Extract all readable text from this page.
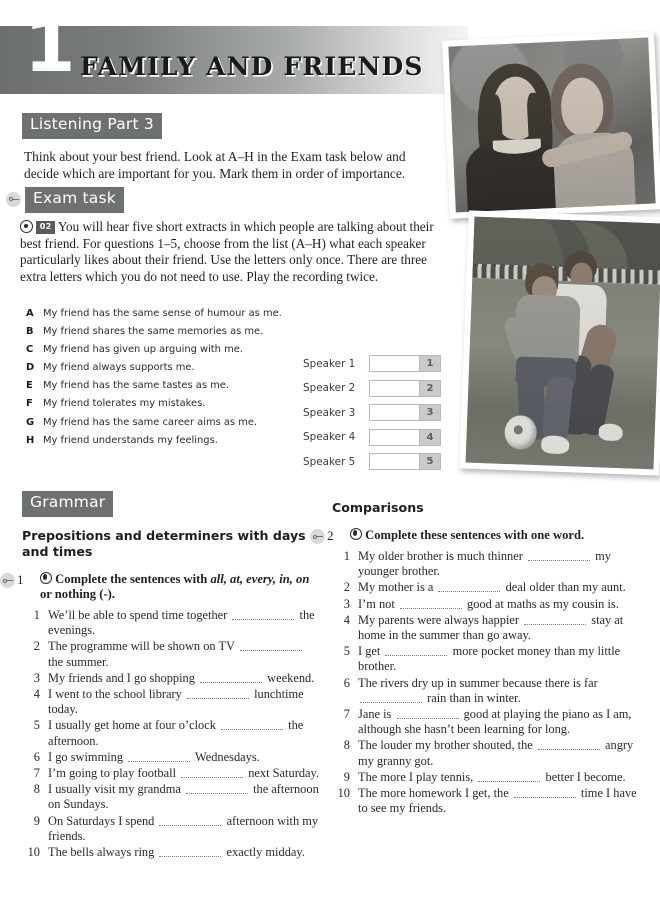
1 FAMILY AND FRIENDS
Listening Part 3
Think about your best friend. Look at A–H in the Exam task below and decide which are important for you. Mark them in order of importance.
Exam task
02 You will hear five short extracts in which people are talking about their best friend. For questions 1–5, choose from the list (A–H) what each speaker particularly likes about their friend. Use the letters only once. There are three extra letters which you do not need to use. Play the recording twice.
A My friend has the same sense of humour as me.
B My friend shares the same memories as me.
C My friend has given up arguing with me.
D My friend always supports me.
E	My friend has the same tastes as me.
F	My friend tolerates my mistakes.
G My friend has the same career aims as me.
H My friend understands my feelings.
Speaker 1	1
Speaker 2	2
Speaker 3	3
Speaker 4	4
Speaker 5	5
Grammar
Prepositions and determiners with days and times
1	Complete the sentences with all, at, every, in, on or nothing (-).
We’ll be able to spend time together	the evenings.
The programme will be shown on TV  the summer.
My friends and I go shopping	weekend.
I went to the school library	lunchtime today.
I usually get home at four o’clock	the afternoon.
I go swimming	Wednesdays.
I’m going to play football	next Saturday.
I usually visit my grandma	the afternoon on Sundays.
On Saturdays I spend	afternoon with my friends.
The bells always ring	exactly midday.
Comparisons
2	Complete these sentences with one word.
My older brother is much thinner	my younger brother.
My mother is a	deal older than my aunt.
I’m not	good at maths as my cousin is.
My parents were always happier	stay at home in the summer than go away.
I get	more pocket money than my little brother.
The rivers dry up in summer because there is far  rain than in winter.
Jane is	good at playing the piano as I am, although she hasn’t been learning for long.
The louder my brother shouted, the	angry my granny got.
The more I play tennis,	better I become.
The more homework I get, the	time I have to see my friends.
